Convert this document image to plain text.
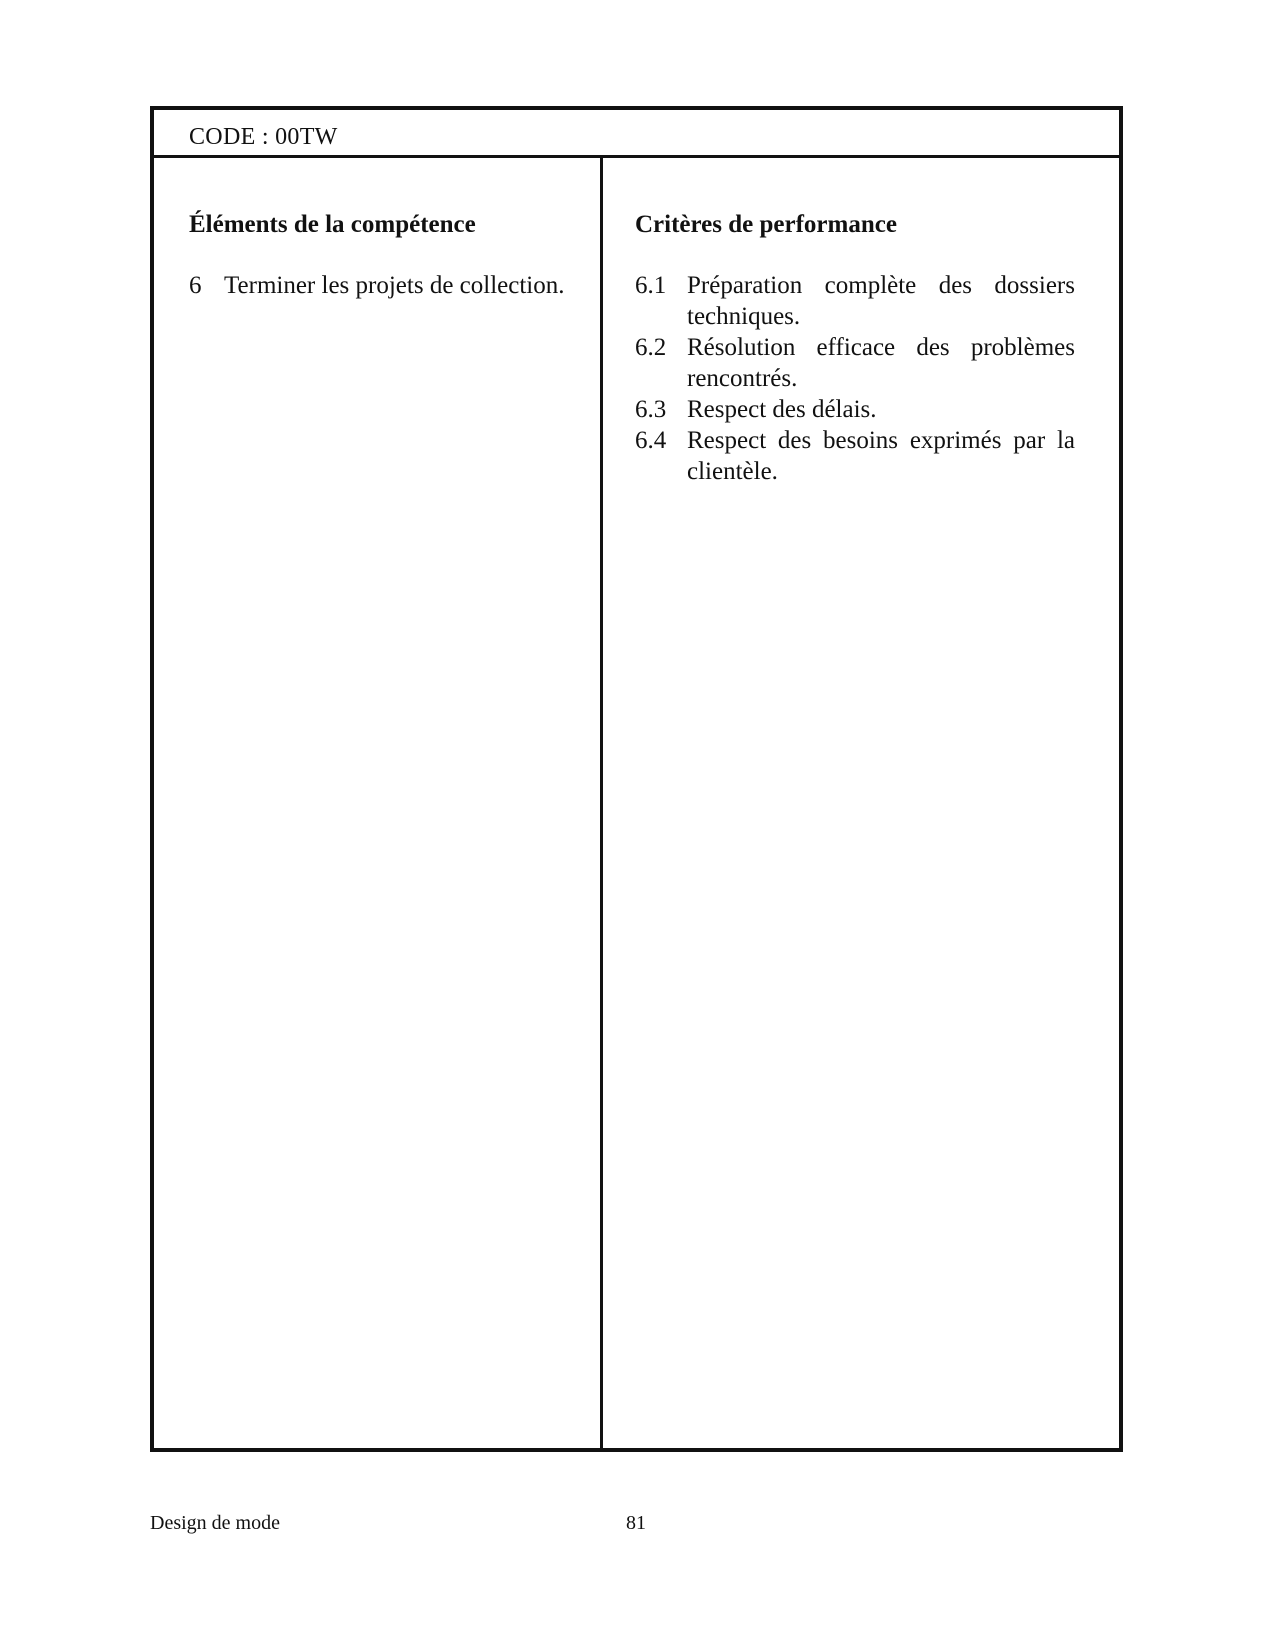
CODE : 00TW
Éléments de la compétence
6 Terminer les projets de collection.
Critères de performance
6.1 Préparation complète des dossiers techniques.
6.2 Résolution efficace des problèmes rencontrés.
6.3 Respect des délais.
6.4 Respect des besoins exprimés par la clientèle.
Design de mode	81
